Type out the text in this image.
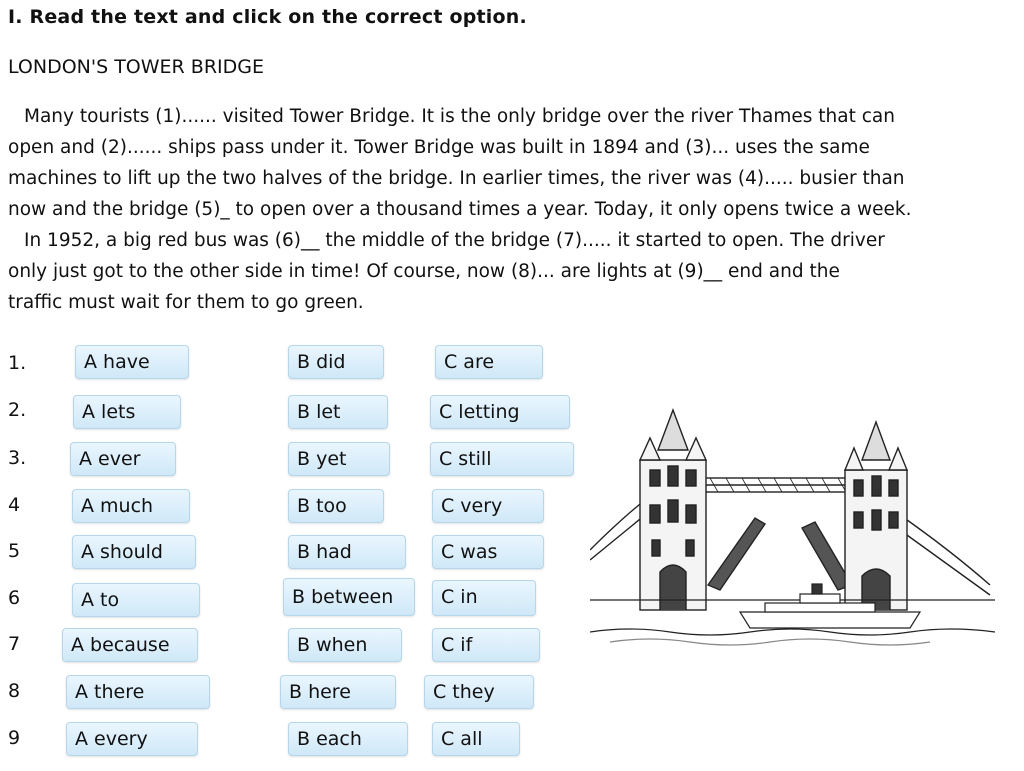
I. Read the text and click on the correct option.
LONDON'S TOWER BRIDGE
Many tourists (1)...... visited Tower Bridge. It is the only bridge over the river Thames that can
open and (2)...... ships pass under it. Tower Bridge was built in 1894 and (3)... uses the same
machines to lift up the two halves of the bridge. In earlier times, the river was (4)..... busier than
now and the bridge (5)_ to open over a thousand times a year. Today, it only opens twice a week.
In 1952, a big red bus was (6)__ the middle of the bridge (7)..... it started to open. The driver
only just got to the other side in time! Of course, now (8)... are lights at (9)__ end and the
traffic must wait for them to go green.
1.	A have	B did	C are
2.	A lets	B let	C letting
3.	A ever	B yet	C still
4	A much	B too	C very
5	A should	B had	C was
6	A to	B between	C in
7	A because	B when	C if
8	A there	B here	C they
9	A every	B each	C all
